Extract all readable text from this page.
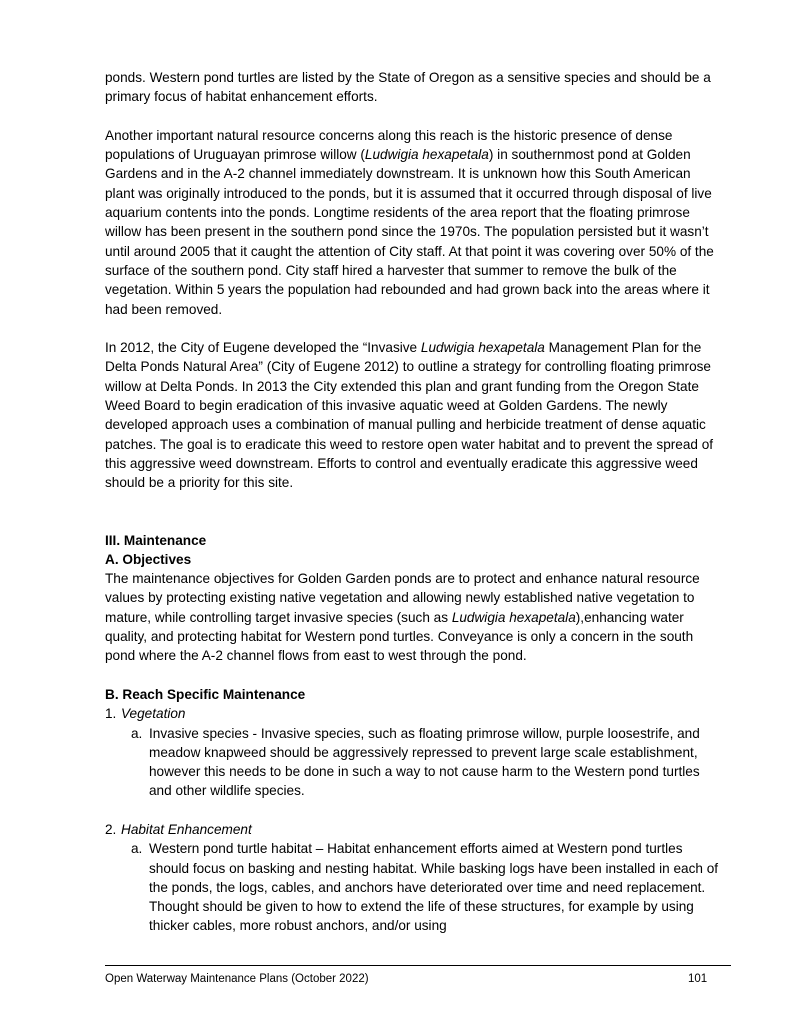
ponds. Western pond turtles are listed by the State of Oregon as a sensitive species and should be a primary focus of habitat enhancement efforts.

Another important natural resource concerns along this reach is the historic presence of dense populations of Uruguayan primrose willow (Ludwigia hexapetala) in southernmost pond at Golden Gardens and in the A-2 channel immediately downstream. It is unknown how this South American plant was originally introduced to the ponds, but it is assumed that it occurred through disposal of live aquarium contents into the ponds. Longtime residents of the area report that the floating primrose willow has been present in the southern pond since the 1970s. The population persisted but it wasn’t until around 2005 that it caught the attention of City staff. At that point it was covering over 50% of the surface of the southern pond. City staff hired a harvester that summer to remove the bulk of the vegetation. Within 5 years the population had rebounded and had grown back into the areas where it had been removed.

In 2012, the City of Eugene developed the “Invasive Ludwigia hexapetala Management Plan for the Delta Ponds Natural Area” (City of Eugene 2012) to outline a strategy for controlling floating primrose willow at Delta Ponds. In 2013 the City extended this plan and grant funding from the Oregon State Weed Board to begin eradication of this invasive aquatic weed at Golden Gardens. The newly developed approach uses a combination of manual pulling and herbicide treatment of dense aquatic patches. The goal is to eradicate this weed to restore open water habitat and to prevent the spread of this aggressive weed downstream. Efforts to control and eventually eradicate this aggressive weed should be a priority for this site.

III. Maintenance

A. Objectives

The maintenance objectives for Golden Garden ponds are to protect and enhance natural resource values by protecting existing native vegetation and allowing newly established native vegetation to mature, while controlling target invasive species (such as Ludwigia hexapetala),enhancing water quality, and protecting habitat for Western pond turtles. Conveyance is only a concern in the south pond where the A-2 channel flows from east to west through the pond.

B. Reach Specific Maintenance

1. Vegetation

a. Invasive species - Invasive species, such as floating primrose willow, purple loosestrife, and meadow knapweed should be aggressively repressed to prevent large scale establishment, however this needs to be done in such a way to not cause harm to the Western pond turtles and other wildlife species.

2. Habitat Enhancement

a. Western pond turtle habitat – Habitat enhancement efforts aimed at Western pond turtles should focus on basking and nesting habitat. While basking logs have been installed in each of the ponds, the logs, cables, and anchors have deteriorated over time and need replacement. Thought should be given to how to extend the life of these structures, for example by using thicker cables, more robust anchors, and/or using
Open Waterway Maintenance Plans (October 2022)	101
